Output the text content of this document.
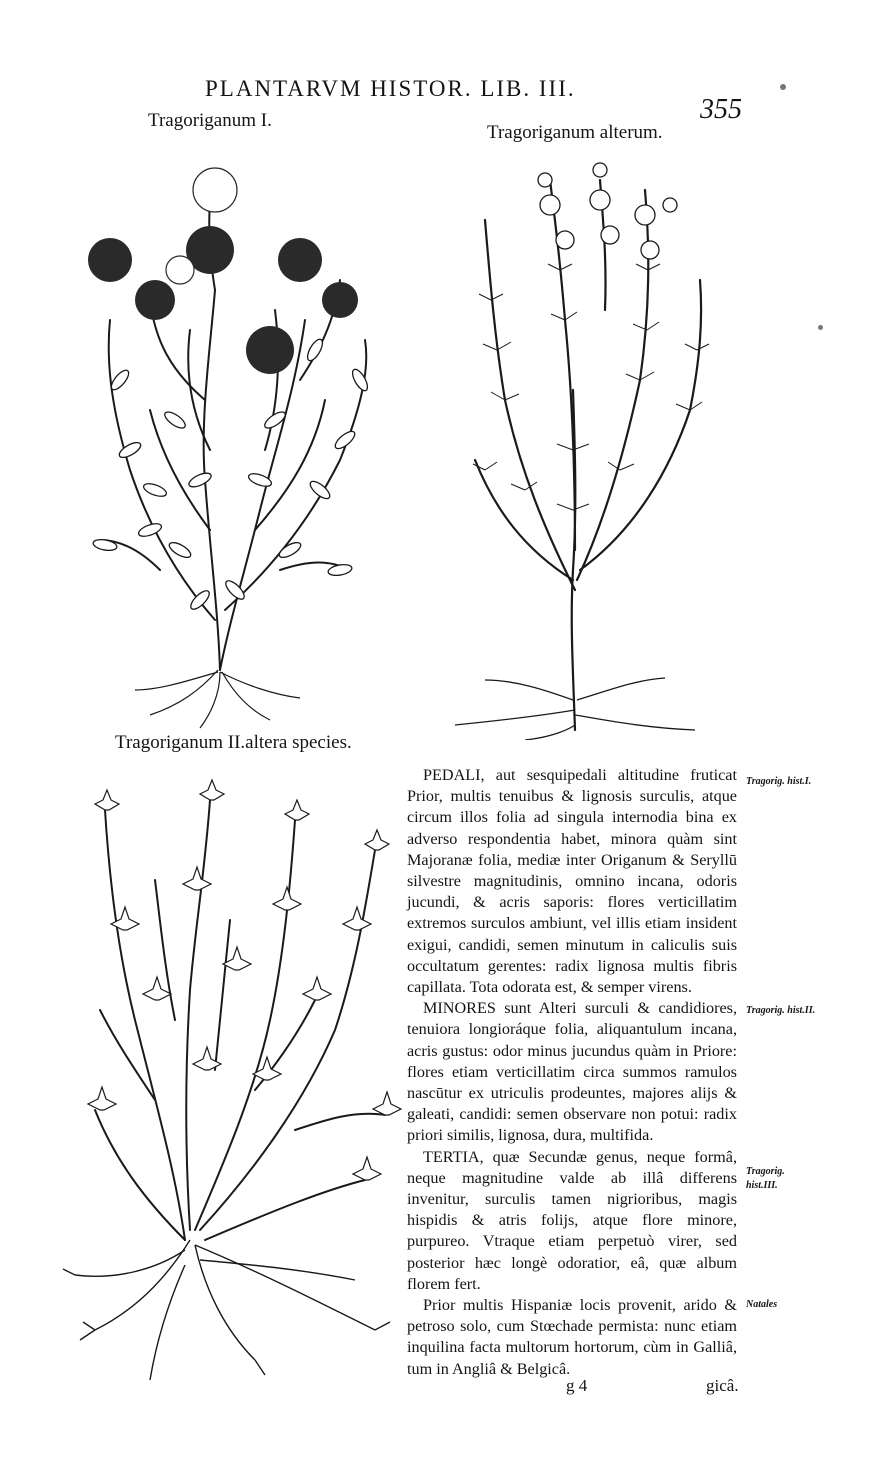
PLANTARVM HISTOR. LIB. III.
355
Tragoriganum I.
Tragoriganum alterum.
Tragoriganum II.altera species.

PEDALI, aut sesquipedali altitudine fruticat Prior, multis tenuibus & lignosis surculis, atque circum illos folia ad singula internodia bina ex adverso respondentia habet, minora quàm sint Majoranæ folia, mediæ inter Origanum & Seryllū silvestre magnitudinis, omnino incana, odoris jucundi, & acris saporis: flores verticillatim extremos surculos ambiunt, vel illis etiam insident exigui, candidi, semen minutum in caliculis suis occultatum gerentes: radix lignosa multis fibris capillata. Tota odorata est, & semper virens.

MINORES sunt Alteri surculi & candidiores, tenuiora longioráque folia, aliquantulum incana, acris gustus: odor minus jucundus quàm in Priore: flores etiam verticillatim circa summos ramulos nascūtur ex utriculis prodeuntes, majores alijs & galeati, candidi: semen observare non potui: radix priori similis, lignosa, dura, multifida.

TERTIA, quæ Secundæ genus, neque formâ, neque magnitudine valde ab illâ differens invenitur, surculis tamen nigrioribus, magis hispidis & atris folijs, atque flore minore, purpureo. Vtraque etiam perpetuò virer, sed posterior hæc longè odoratior, eâ, quæ album florem fert.

Prior multis Hispaniæ locis provenit, arido & petroso solo, cum Stœchade permista: nunc etiam inquilina facta multorum hortorum, cùm in Galliâ, tum in Angliâ & Belgicâ.

Tragorig. hist.I.
Tragorig. hist.II.
Tragorig. hist.III.
Natales
g 4	gicâ.
